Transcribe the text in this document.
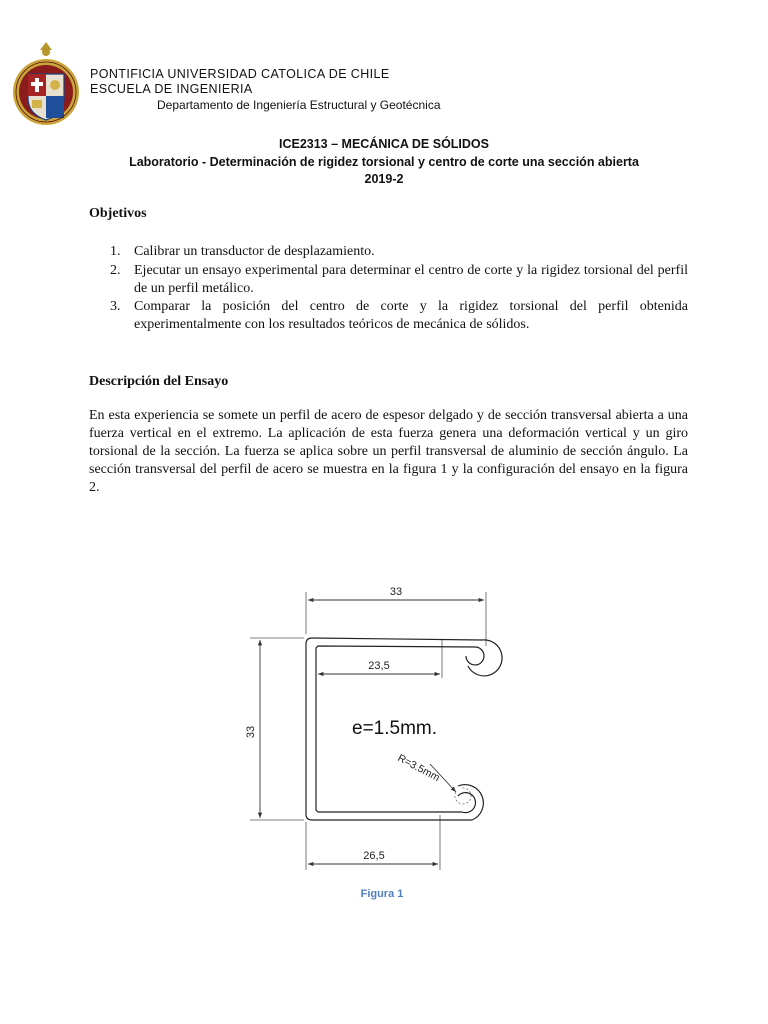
PONTIFICIA UNIVERSIDAD CATOLICA DE CHILE
ESCUELA DE INGENIERIA
Departamento de Ingeniería Estructural y Geotécnica
ICE2313 – MECÁNICA DE SÓLIDOS
Laboratorio - Determinación de rigidez torsional y centro de corte una sección abierta
2019-2
Objetivos
1. Calibrar un transductor de desplazamiento.
2. Ejecutar un ensayo experimental para determinar el centro de corte y la rigidez torsional del perfil de un perfil metálico.
3. Comparar la posición del centro de corte y la rigidez torsional del perfil obtenida experimentalmente con los resultados teóricos de mecánica de sólidos.
Descripción del Ensayo
En esta experiencia se somete un perfil de acero de espesor delgado y de sección transversal abierta a una fuerza vertical en el extremo. La aplicación de esta fuerza genera una deformación vertical y un giro torsional de la sección. La fuerza se aplica sobre un perfil transversal de aluminio de sección ángulo. La sección transversal del perfil de acero se muestra en la figura 1 y la configuración del ensayo en la figura 2.
33
23,5
33
26,5
e=1.5mm.
R=3.5mm
Figura 1
